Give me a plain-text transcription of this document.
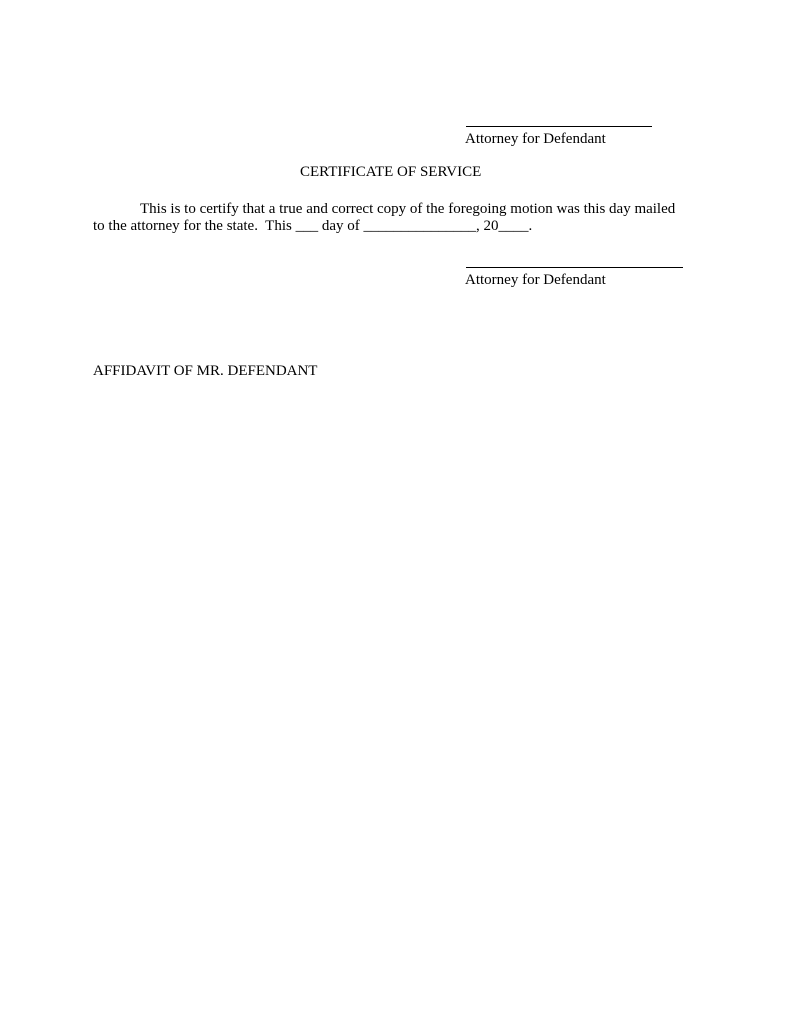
Attorney for Defendant
CERTIFICATE OF SERVICE
This is to certify that a true and correct copy of the foregoing motion was this day mailed
to the attorney for the state.  This ___ day of _______________, 20____.
Attorney for Defendant
AFFIDAVIT OF MR. DEFENDANT
